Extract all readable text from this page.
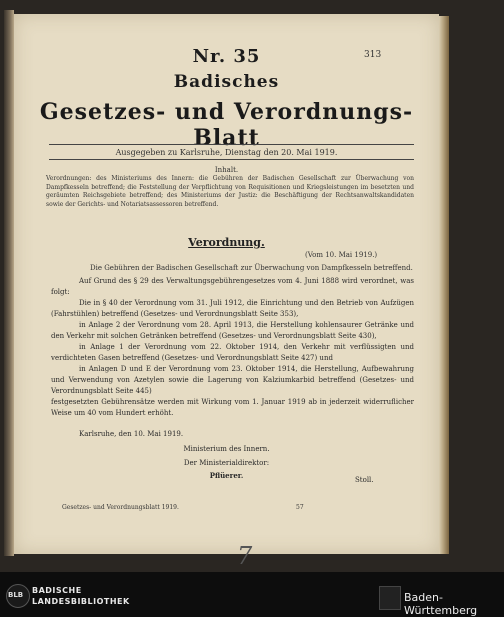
313
Nr. 35
Badisches
Gesetzes- und Verordnungs-Blatt
Ausgegeben zu Karlsruhe, Dienstag den 20. Mai 1919.
Inhalt.
Verordnungen: des Ministeriums des Innern: die Gebühren der Badischen Gesellschaft zur Überwachung von Dampfkesseln betreffend; die Feststellung der Verpflichtung von Requisitionen und Kriegsleistungen im besetzten und geräumten Reichsgebiete betreffend; des Ministeriums der Justiz: die Beschäftigung der Rechtsanwaltskandidaten sowie der Gerichts- und Notariatsassessoren betreffend.
Verordnung.
(Vom 10. Mai 1919.)
Die Gebühren der Badischen Gesellschaft zur Überwachung von Dampfkesseln betreffend.

Auf Grund des § 29 des Verwaltungsgebührengesetzes vom 4. Juni 1888 wird verordnet, was folgt:

Die in § 40 der Verordnung vom 31. Juli 1912, die Einrichtung und den Betrieb von Aufzügen (Fahrstühlen) betreffend (Gesetzes- und Verordnungsblatt Seite 353),

in Anlage 2 der Verordnung vom 28. April 1913, die Herstellung kohlensaurer Getränke und den Verkehr mit solchen Getränken betreffend (Gesetzes- und Verordnungsblatt Seite 430),

in Anlage 1 der Verordnung vom 22. Oktober 1914, den Verkehr mit verflüssigten und verdichteten Gasen betreffend (Gesetzes- und Verordnungsblatt Seite 427) und

in Anlagen D und E der Verordnung vom 23. Oktober 1914, die Herstellung, Aufbewahrung und Verwendung von Azetylen sowie die Lagerung von Kalziumkarbid betreffend (Gesetzes- und Verordnungsblatt Seite 445)

festgesetzten Gebührensätze werden mit Wirkung vom 1. Januar 1919 ab in jederzeit widerruflicher Weise um 40 vom Hundert erhöht.

Karlsruhe, den 10. Mai 1919.
Ministerium des Innern.
Der Ministerialdirektor:
Pflüerer.	Stoll.
Gesetzes- und Verordnungsblatt 1919.	57
7
BLB BADISCHE
LANDESBIBLIOTHEK	Baden-Württemberg
